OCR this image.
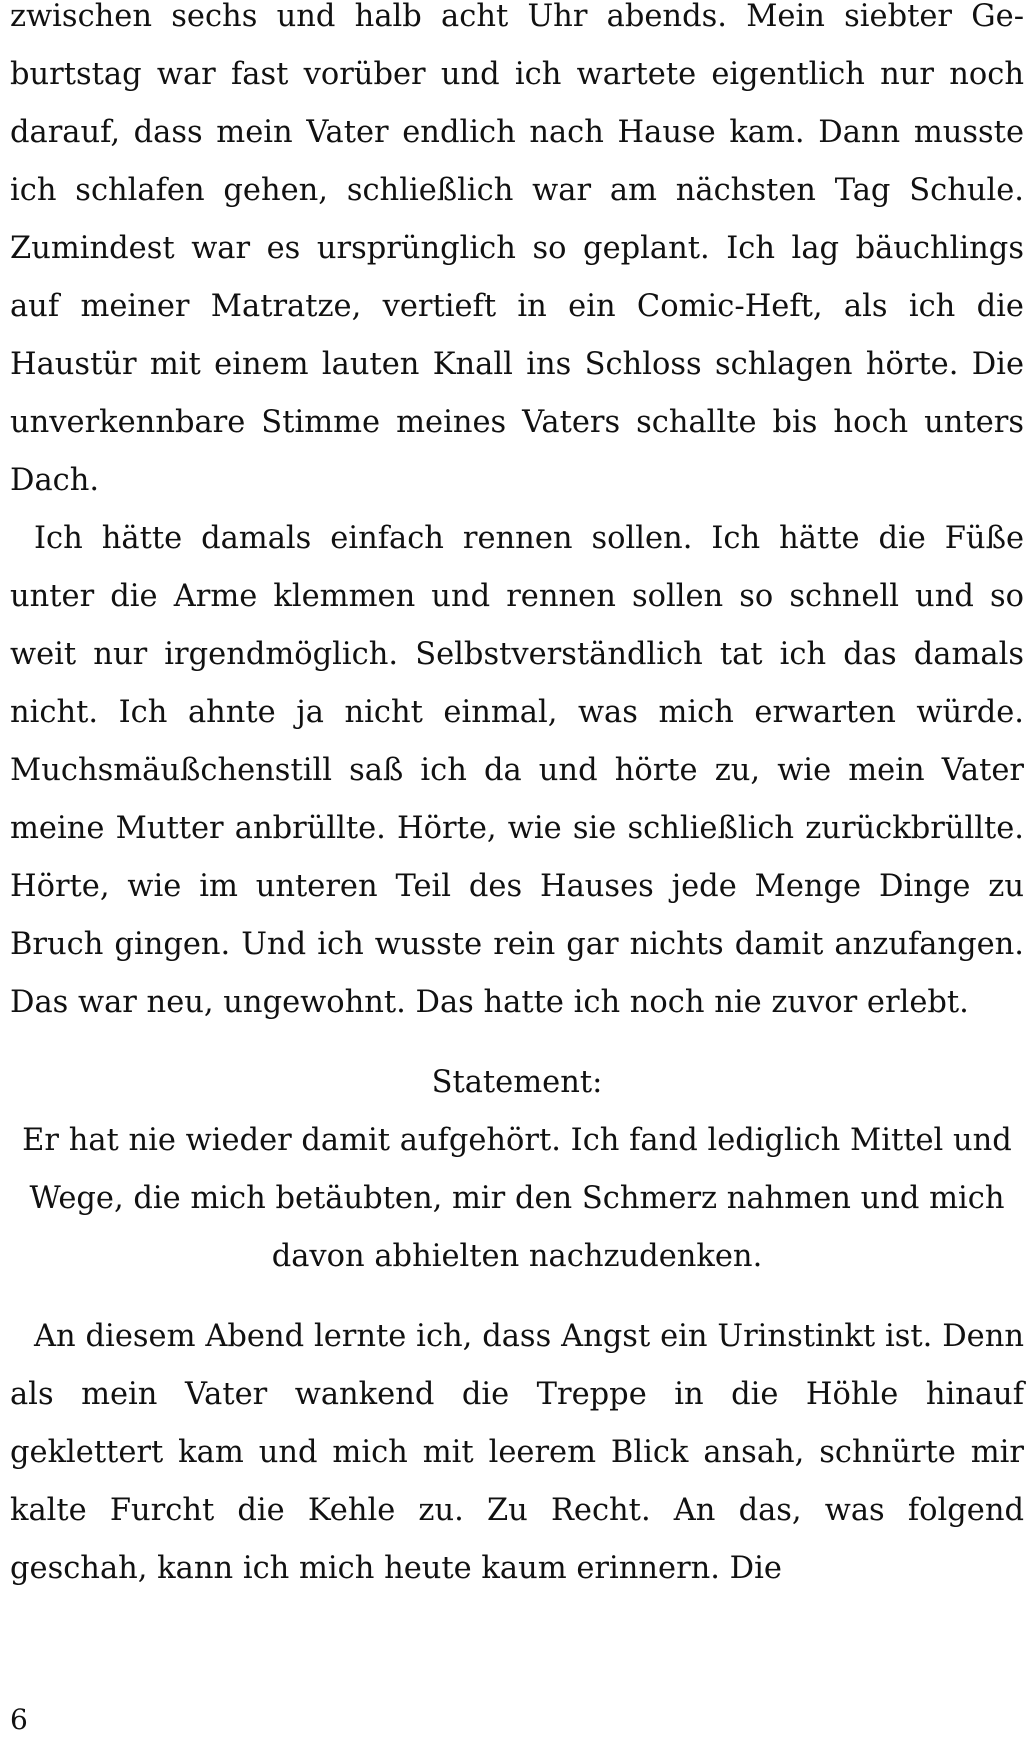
zwischen sechs und halb acht Uhr abends. Mein siebter Geburtstag war fast vorüber und ich wartete eigentlich nur noch darauf, dass mein Vater endlich nach Hause kam. Dann musste ich schlafen gehen, schließlich war am nächsten Tag Schule. Zumindest war es ursprünglich so geplant. Ich lag bäuchlings auf meiner Matratze, vertieft in ein Comic-Heft, als ich die Haustür mit einem lauten Knall ins Schloss schlagen hörte. Die unverkennbare Stimme meines Vaters schallte bis hoch unters Dach.

Ich hätte damals einfach rennen sollen. Ich hätte die Füße unter die Arme klemmen und rennen sollen so schnell und so weit nur irgendmöglich. Selbstverständlich tat ich das damals nicht. Ich ahnte ja nicht einmal, was mich erwarten würde. Muchsmäußchenstill saß ich da und hörte zu, wie mein Vater meine Mutter anbrüllte. Hörte, wie sie schließlich zurückbrüllte. Hörte, wie im unteren Teil des Hauses jede Menge Dinge zu Bruch gingen. Und ich wusste rein gar nichts damit anzufangen. Das war neu, ungewohnt. Das hatte ich noch nie zuvor erlebt.

Statement:

Er hat nie wieder damit aufgehört. Ich fand lediglich Mittel und Wege, die mich betäubten, mir den Schmerz nahmen und mich davon abhielten nachzudenken.

An diesem Abend lernte ich, dass Angst ein Urinstinkt ist. Denn als mein Vater wankend die Treppe in die Höhle hinauf geklettert kam und mich mit leerem Blick ansah, schnürte mir kalte Furcht die Kehle zu. Zu Recht. An das, was folgend geschah, kann ich mich heute kaum erinnern. Die

6
